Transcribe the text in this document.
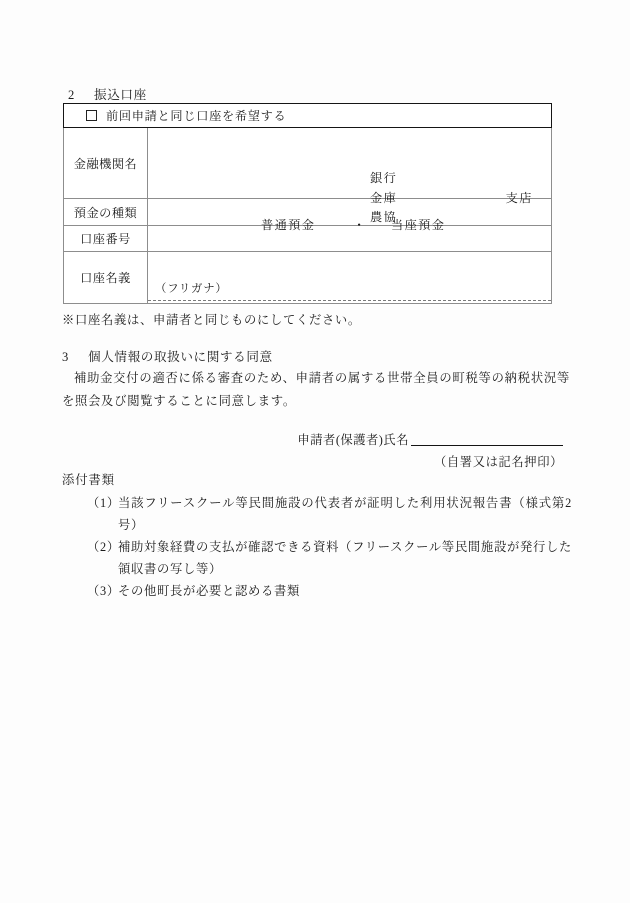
2 振込口座
前回申請と同じ口座を希望する	
金融機関名	銀行
金庫
農協
支店

預金の種類	普通預金 ・ 当座預金

口座番号	
口座名義	（フリガナ）
※口座名義は、申請者と同じものにしてください。
3 個人情報の取扱いに関する同意
補助金交付の適否に係る審査のため、申請者の属する世帯全員の町税等の納税状況等を照会及び閲覧することに同意します。
申請者(保護者)氏名
（自署又は記名押印）
添付書類
（1）
当該フリースクール等民間施設の代表者が証明した利用状況報告書（様式第2号）
（2）
補助対象経費の支払が確認できる資料（フリースクール等民間施設が発行した領収書の写し等）
（3）
その他町長が必要と認める書類
